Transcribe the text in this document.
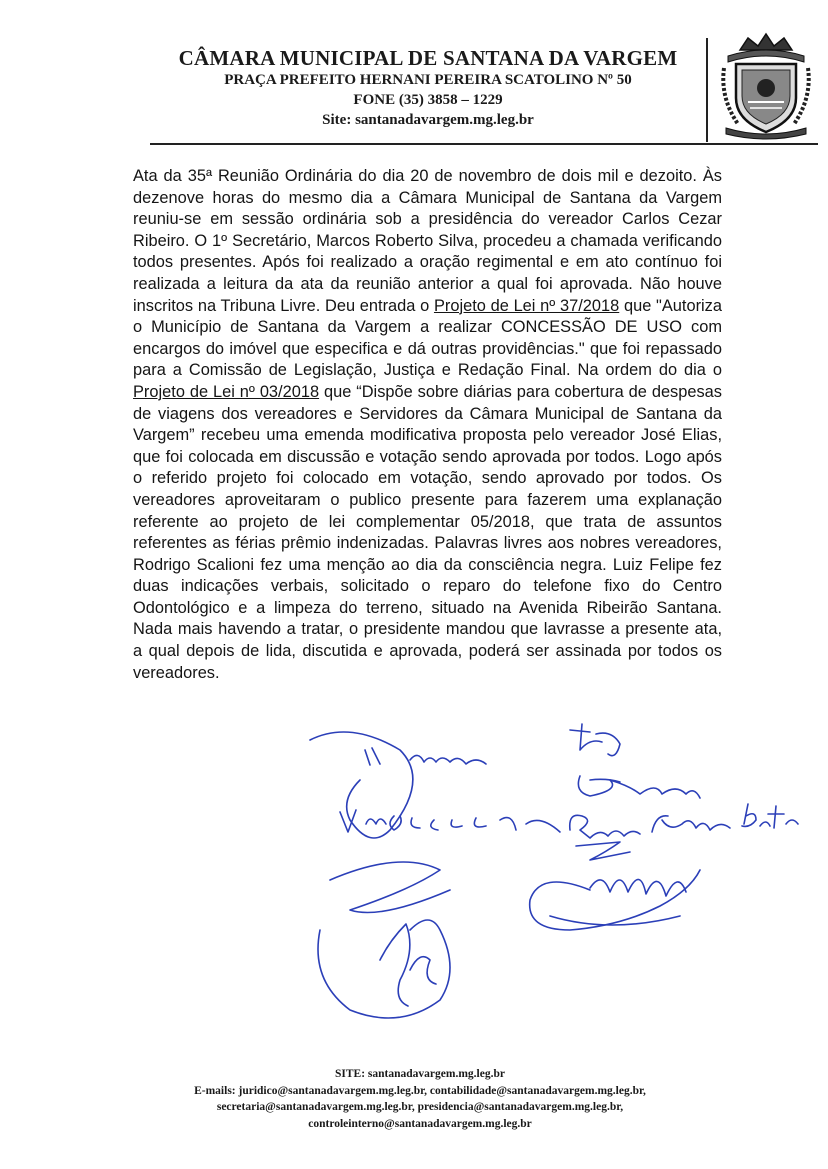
CÂMARA MUNICIPAL DE SANTANA DA VARGEM
PRAÇA PREFEITO HERNANI PEREIRA SCATOLINO Nº 50
FONE (35) 3858 – 1229
Site: santanadavargem.mg.leg.br
Ata da 35ª Reunião Ordinária do dia 20 de novembro de dois mil e dezoito. Às dezenove horas do mesmo dia a Câmara Municipal de Santana da Vargem reuniu-se em sessão ordinária sob a presidência do vereador Carlos Cezar Ribeiro. O 1º Secretário, Marcos Roberto Silva, procedeu a chamada verificando todos presentes. Após foi realizado a oração regimental e em ato contínuo foi realizada a leitura da ata da reunião anterior a qual foi aprovada. Não houve inscritos na Tribuna Livre. Deu entrada o Projeto de Lei nº 37/2018 que "Autoriza o Município de Santana da Vargem a realizar CONCESSÃO DE USO com encargos do imóvel que especifica e dá outras providências." que foi repassado para a Comissão de Legislação, Justiça e Redação Final. Na ordem do dia o Projeto de Lei nº 03/2018 que “Dispõe sobre diárias para cobertura de despesas de viagens dos vereadores e Servidores da Câmara Municipal de Santana da Vargem” recebeu uma emenda modificativa proposta pelo vereador José Elias, que foi colocada em discussão e votação sendo aprovada por todos. Logo após o referido projeto foi colocado em votação, sendo aprovado por todos. Os vereadores aproveitaram o publico presente para fazerem uma explanação referente ao projeto de lei complementar 05/2018, que trata de assuntos referentes as férias prêmio indenizadas. Palavras livres aos nobres vereadores, Rodrigo Scalioni fez uma menção ao dia da consciência negra. Luiz Felipe fez duas indicações verbais, solicitado o reparo do telefone fixo do Centro Odontológico e a limpeza do terreno, situado na Avenida Ribeirão Santana. Nada mais havendo a tratar, o presidente mandou que lavrasse a presente ata, a qual depois de lida, discutida e aprovada, poderá ser assinada por todos os vereadores.
SITE: santanadavargem.mg.leg.br
E-mails: juridico@santanadavargem.mg.leg.br, contabilidade@santanadavargem.mg.leg.br,
secretaria@santanadavargem.mg.leg.br, presidencia@santanadavargem.mg.leg.br,
controleinterno@santanadavargem.mg.leg.br
